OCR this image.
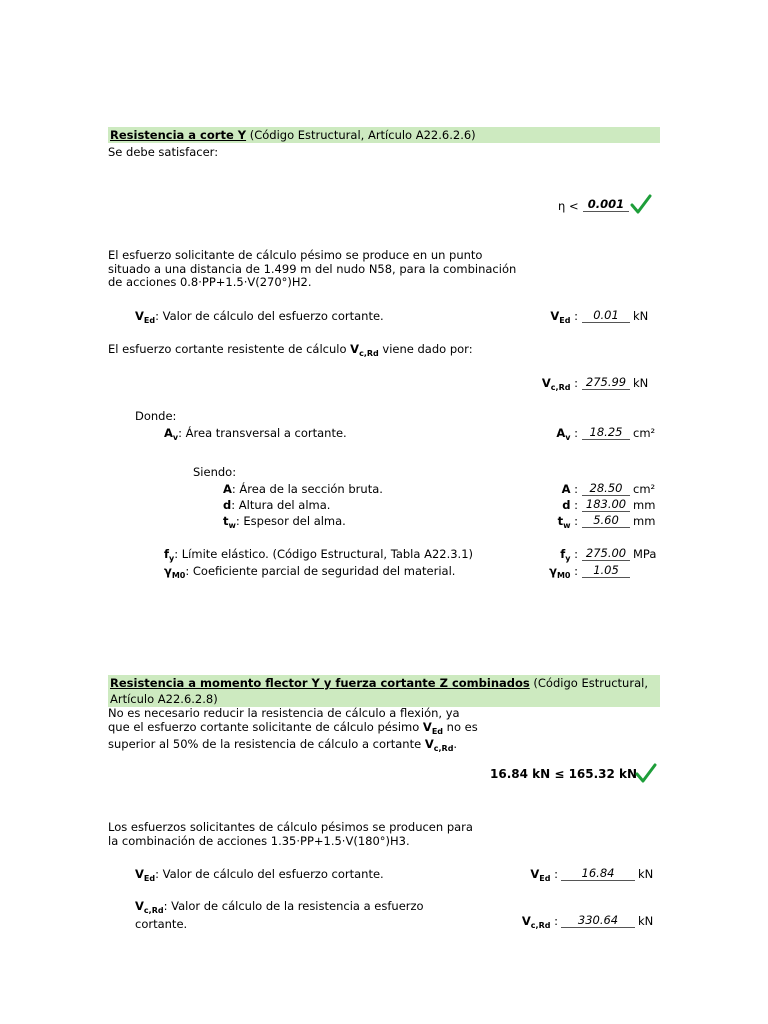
Resistencia a corte Y (Código Estructural, Artículo A22.6.2.6)
Se debe satisfacer:
η < 0.001
El esfuerzo solicitante de cálculo pésimo se produce en un punto
situado a una distancia de 1.499 m del nudo N58, para la combinación
de acciones 0.8·PP+1.5·V(270°)H2.
$V_{Ed}$: Valor de cálculo del esfuerzo cortante.	$V_{Ed}$ :	0.01	kN
El esfuerzo cortante resistente de cálculo $V_{c,Rd}$ viene dado por:
$V_{c,Rd}$ : 275.99 kN
Donde:
$A_v$: Área transversal a cortante.	$A_v$ :	18.25 cm²
Siendo:
A: Área de la sección bruta.	A :	28.50 cm²
d: Altura del alma.	d : 183.00 mm
$t_w$: Espesor del alma.	$t_w$ :	5.60	mm
$f_y$: Límite elástico. (Código Estructural, Tabla A22.3.1)	$f_y$ : 275.00 MPa
$\gamma_{M0}$: Coeficiente parcial de seguridad del material.	$\gamma_{M0}$ :	1.05
Resistencia a momento flector Y y fuerza cortante Z combinados (Código Estructural,
Artículo A22.6.2.8)
No es necesario reducir la resistencia de cálculo a flexión, ya
que el esfuerzo cortante solicitante de cálculo pésimo $V_{Ed}$ no es
superior al 50% de la resistencia de cálculo a cortante $V_{c,Rd}$.
16.84 kN ≤ 165.32 kN
Los esfuerzos solicitantes de cálculo pésimos se producen para
la combinación de acciones 1.35·PP+1.5·V(180°)H3.
$V_{Ed}$: Valor de cálculo del esfuerzo cortante.	$V_{Ed}$ :	16.84	kN
$V_{c,Rd}$: Valor de cálculo de la resistencia a esfuerzo
cortante.	$V_{c,Rd}$ :	330.64	kN
